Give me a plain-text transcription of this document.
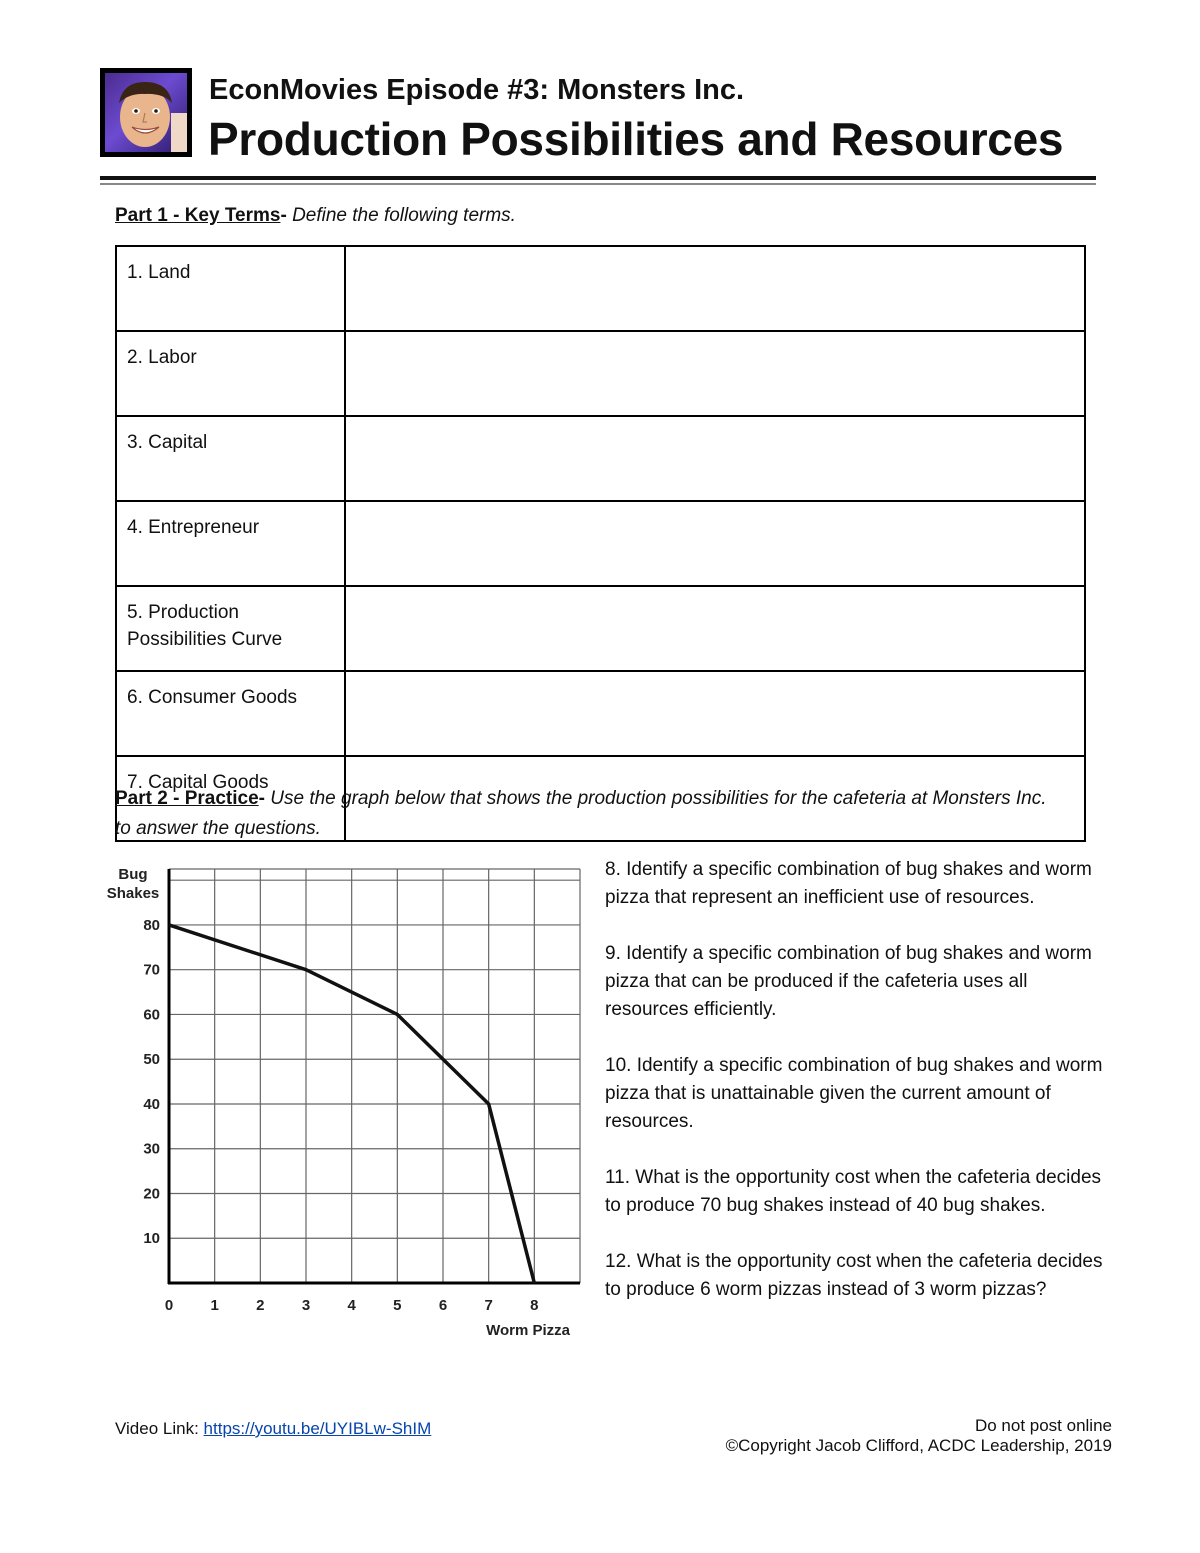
EconMovies Episode #3: Monsters Inc.
Production Possibilities and Resources
Part 1 - Key Terms- Define the following terms.
1. Land	
2. Labor	
3. Capital	
4. Entrepreneur	
5. Production Possibilities Curve	
6. Consumer Goods	
7. Capital Goods	
Part 2 - Practice- Use the graph below that shows the production possibilities for the cafeteria at Monsters Inc. to answer the questions.
0 1 2 3 4 5 6 7 8
10
20
30
40
50
60
70
80
Bug
Shakes
Worm Pizza
8. Identify a specific combination of bug shakes and worm pizza that represent an inefficient use of resources.
9. Identify a specific combination of bug shakes and worm pizza that can be produced if the cafeteria uses all resources efficiently.
10. Identify a specific combination of bug shakes and worm pizza that is unattainable given the current amount of resources.
11. What is the opportunity cost when the cafeteria decides to produce 70 bug shakes instead of 40 bug shakes.
12. What is the opportunity cost when the cafeteria decides to produce 6 worm pizzas instead of 3 worm pizzas?
Video Link: https://youtu.be/UYIBLw-ShIM	Do not post online
©Copyright Jacob Clifford, ACDC Leadership, 2019
